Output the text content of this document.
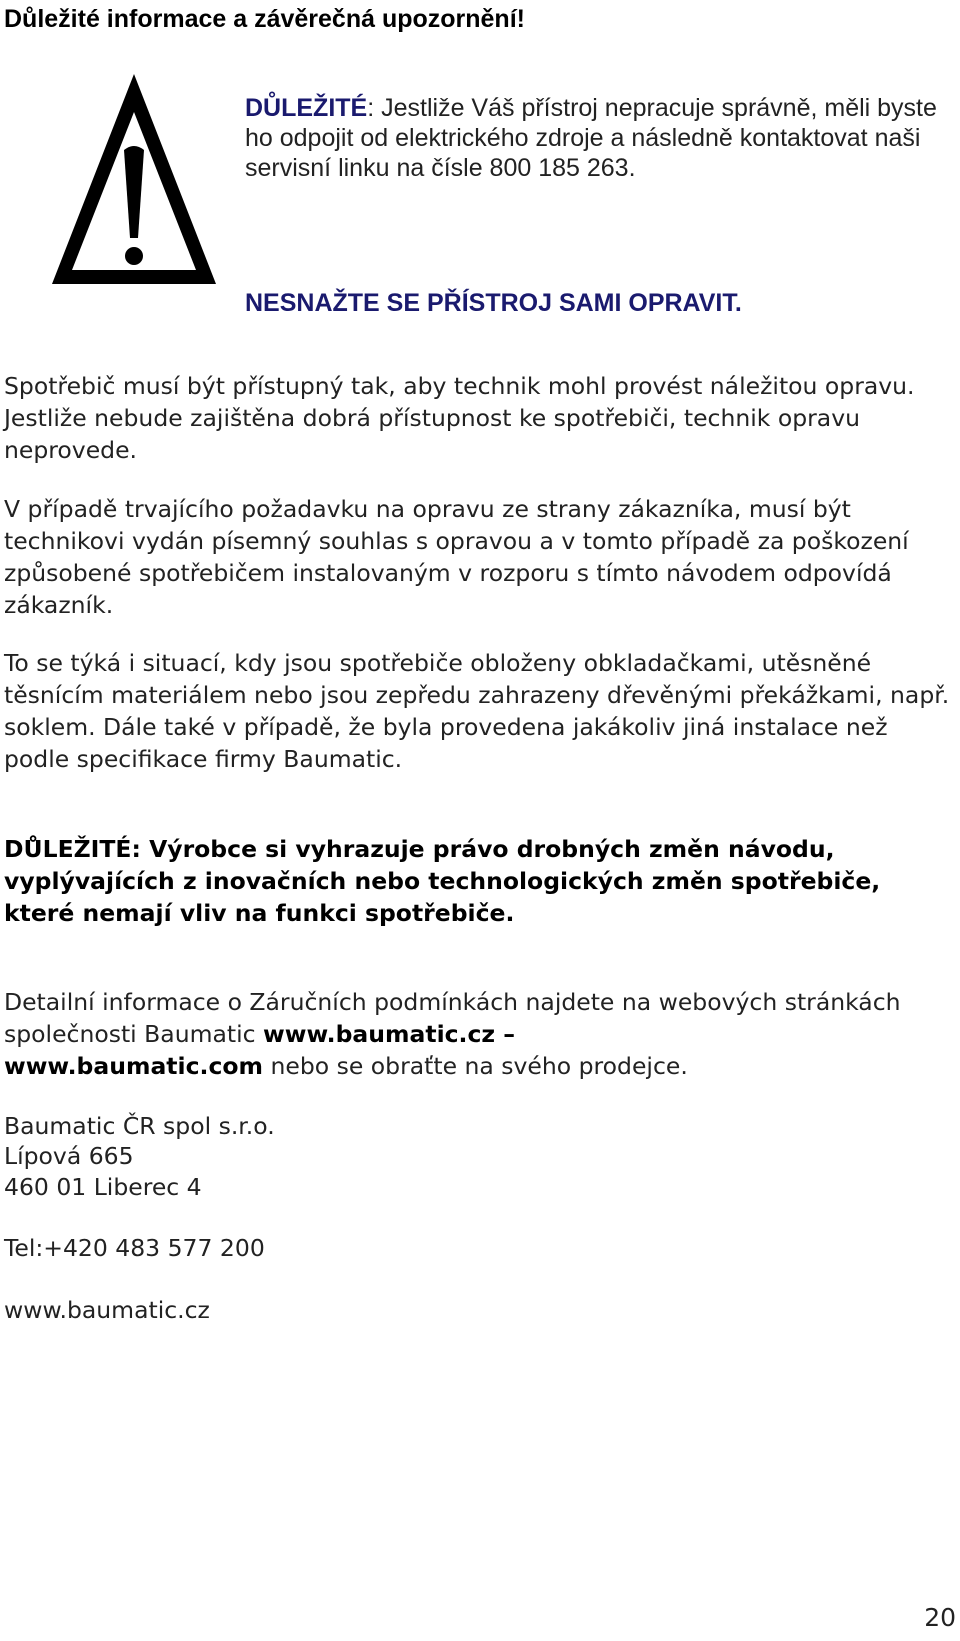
Důležité informace a závěrečná upozornění!
DŮLEŽITÉ: Jestliže Váš přístroj nepracuje správně, měli byste ho odpojit od elektrického zdroje a následně kontaktovat naši servisní linku na čísle 800 185 263.
NESNAŽTE SE PŘÍSTROJ SAMI OPRAVIT.
Spotřebič musí být přístupný tak, aby technik mohl provést náležitou opravu. Jestliže nebude zajištěna dobrá přístupnost ke spotřebiči, technik opravu neprovede.
V případě trvajícího požadavku na opravu ze strany zákazníka, musí být technikovi vydán písemný souhlas s opravou a v tomto případě za poškození způsobené spotřebičem instalovaným v rozporu s tímto návodem odpovídá zákazník.
To se týká i situací, kdy jsou spotřebiče obloženy obkladačkami, utěsněné těsnícím materiálem nebo jsou zepředu zahrazeny dřevěnými překážkami, např. soklem. Dále také v případě, že byla provedena jakákoliv jiná instalace než podle specifikace firmy Baumatic.
DŮLEŽITÉ: Výrobce si vyhrazuje právo drobných změn návodu, vyplývajících z inovačních nebo technologických změn spotřebiče, které nemají vliv na funkci spotřebiče.
Detailní informace o Záručních podmínkách najdete na webových stránkách společnosti Baumatic www.baumatic.cz –
www.baumatic.com nebo se obraťte na svého prodejce.
Baumatic ČR spol s.r.o.
Lípová 665
460 01 Liberec 4
Tel:+420 483 577 200
www.baumatic.cz
20
